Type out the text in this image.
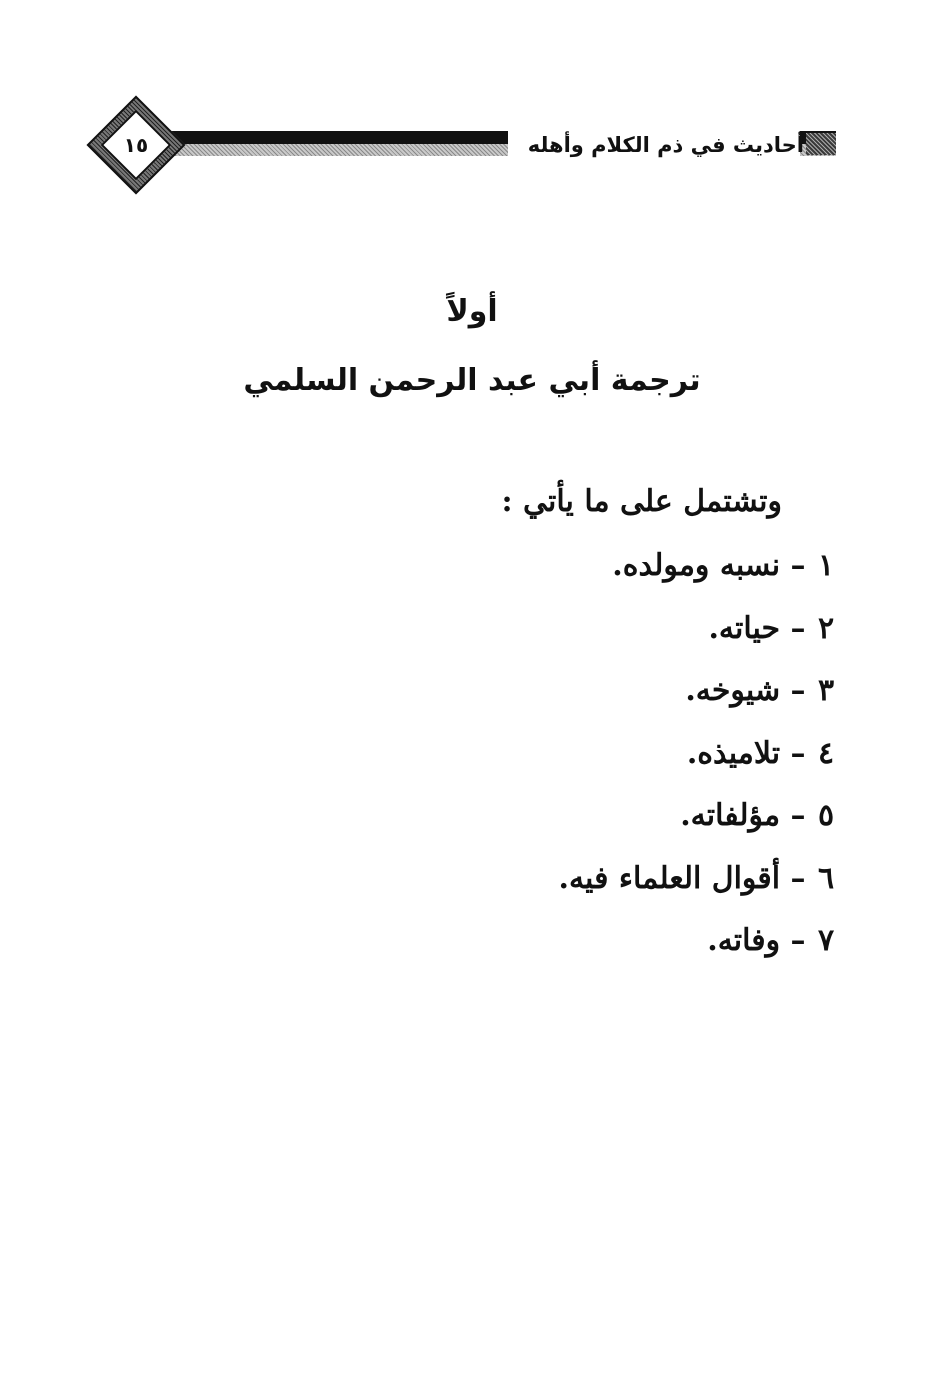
أحاديث في ذم الكلام وأهله
١٥
أولاً
ترجمة أبي عبد الرحمن السلمي
وتشتمل على ما يأتي :
١ – نسبه ومولده.
٢ – حياته.
٣ – شيوخه.
٤ – تلاميذه.
٥ – مؤلفاته.
٦ – أقوال العلماء فيه.
٧ – وفاته.
